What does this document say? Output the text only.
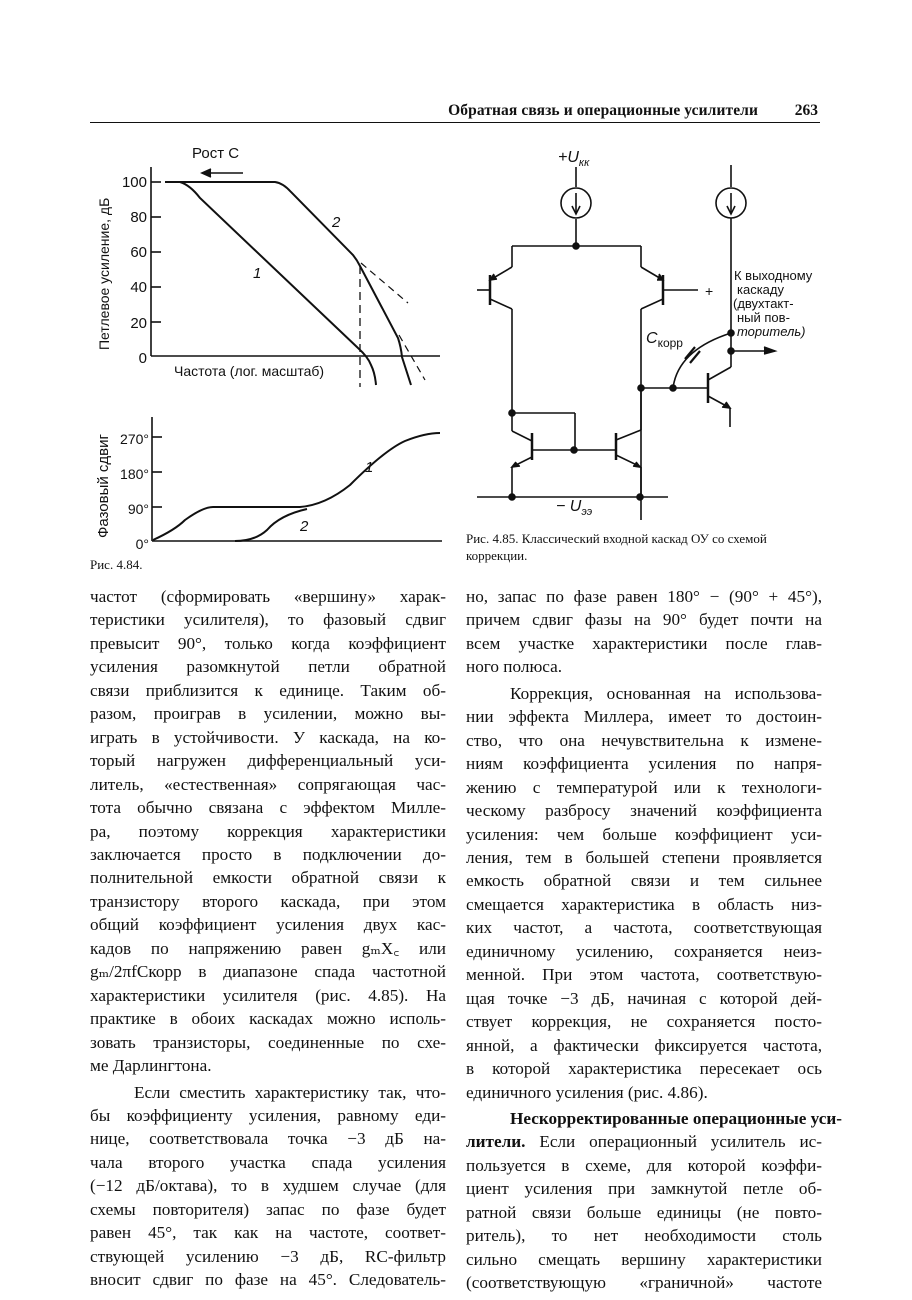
Обратная связь и операционные усилители 263
Рост C
Частота (лог. масштаб)
Петлевое усиление, дБ
100
80
60
40
20
0
1
2
Фазовый сдвиг 270°
180°
90°
0°
1
2
Рис. 4.84.
$+U_{кк}$
− $U_{ээ}$
$C_{корр}$
+
К выходному
каскаду
(двухтакт-
ный пов-
торитель)
Рис. 4.85. Классический входной каскад ОУ со схемой коррекции.
частот (сформировать «вершину» харак-
теристики усилителя), то фазовый сдвиг
превысит 90°, только когда коэффициент
усиления разомкнутой петли обратной
связи приблизится к единице. Таким об-
разом, проиграв в усилении, можно вы-
играть в устойчивости. У каскада, на ко-
торый нагружен дифференциальный уси-
литель, «естественная» сопрягающая час-
тота обычно связана с эффектом Милле-
ра, поэтому коррекция характеристики
заключается просто в подключении до-
полнительной емкости обратной связи к
транзистору второго каскада, при этом
общий коэффициент усиления двух кас-
кадов по напряжению равен gₘX꜀ или
gₘ/2πfCкорр в диапазоне спада частотной
характеристики усилителя (рис. 4.85). На
практике в обоих каскадах можно исполь-
зовать транзисторы, соединенные по схе-
ме Дарлингтона.
Если сместить характеристику так, что-
бы коэффициенту усиления, равному еди-
нице, соответствовала точка −3 дБ на-
чала второго участка спада усиления
(−12 дБ/октава), то в худшем случае (для
схемы повторителя) запас по фазе будет
равен 45°, так как на частоте, соответ-
ствующей усилению −3 дБ, RC-фильтр
вносит сдвиг по фазе на 45°. Следователь-
но, запас по фазе равен 180° − (90° + 45°),
причем сдвиг фазы на 90° будет почти на
всем участке характеристики после глав-
ного полюса.
Коррекция, основанная на использова-
нии эффекта Миллера, имеет то достоин-
ство, что она нечувствительна к измене-
ниям коэффициента усиления по напря-
жению с температурой или к технологи-
ческому разбросу значений коэффициента
усиления: чем больше коэффициент уси-
ления, тем в большей степени проявляется
емкость обратной связи и тем сильнее
смещается характеристика в область низ-
ких частот, а частота, соответствующая
единичному усилению, сохраняется неиз-
менной. При этом частота, соответствую-
щая точке −3 дБ, начиная с которой дей-
ствует коррекция, не сохраняется посто-
янной, а фактически фиксируется частота,
в которой характеристика пересекает ось
единичного усиления (рис. 4.86).
Нескорректированные операционные уси-
лители. Если операционный усилитель ис-
пользуется в схеме, для которой коэффи-
циент усиления при замкнутой петле об-
ратной связи больше единицы (не повто-
ритель), то нет необходимости столь
сильно смещать вершину характеристики
(соответствующую «граничной» частоте
